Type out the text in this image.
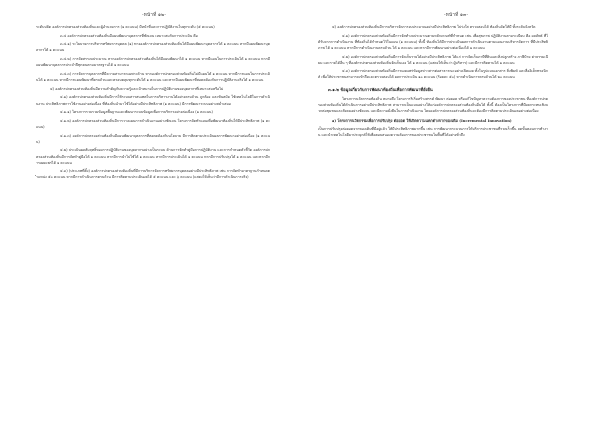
-หน้าที่ ๑๒-	-หน้าที่ ๑๓-

ระดับปลัด องค์การปกครองส่วนท้องถิ่นและผู้อำนวยการ (๑ คะแนน) มีหน้าที่และการปฏิบัติงานในทุกระดับ (๕ คะแนน)

๓.๔ องค์การปกครองส่วนท้องถิ่นมีแผนพัฒนาบุคลากรที่ชัดเจน เหมาะสมกับการประเมิน คือ

๓.๔.๑) ระโยบายการบริหารทรัพยากรบุคคล (๑) ทางองค์การปกครองส่วนท้องถิ่นได้มีแผนพัฒนาบุคลากรได้ ๑ คะแนน หากมีแผนพัฒนาบุคลากรได้ ๑ คะแนน

๓.๔.๒) การจัดสรรงบประมาณ หากองค์การปกครองส่วนท้องถิ่นได้มีแผนพัฒนาได้ ๑ คะแนน หากมีแผนในการประเมินได้ ๑ คะแนน หากมีแผนพัฒนาบุคลากรประจำปีทุกคนตามมาตรฐานได้ ๑ คะแนน

๓.๔.๓) การจัดการบุคลากรที่มีความสามารถเฉพาะด้าน หากองค์การปกครองส่วนท้องถิ่นไม่มีแผนได้ ๑ คะแนน หากมีการแผนในการประเมินได้ ๑ คะแนน หากมีการแผนพัฒนาที่ครบถ้วนและครอบคลุมทุกระดับได้ ๑ คะแนน และหากมีแผนพัฒนาที่สอดคล้องกับการปฏิบัติงานจริงได้ ๑ คะแนน

๔) องค์กรปกครองส่วนท้องถิ่นมีความสำคัญกับความรู้และเป้าหมายในการปฏิบัติงานของบุคลากรที่เหมาะสมหรือไม่

๔.๑) องค์กรปกครองส่วนท้องถิ่นมีการใช้ระบบสารสนเทศในการบริหารงานได้อย่างครบถ้วน ถูกต้อง และทันสมัย ใช้เทคโนโลยีในการดำเนินงาน ประสิทธิภาพการใช้งานอย่างต่อเนื่อง ที่ท้องถิ่นนำมาใช้ได้อย่างมีประสิทธิภาพ (๑ คะแนน) มีการพัฒนาระบบอย่างสม่ำเสมอ

๔.๑.๑) โครงการรวบรวมข้อมูลพื้นฐานและพัฒนาระบบข้อมูลเพื่อการบริหารอย่างต่อเนื่อง (๑ คะแนน)

๔.๑.๒) องค์การปกครองส่วนท้องถิ่นมีการวางแผนการดำเนินงานอย่างชัดเจน โครงการจัดทำแผนเพื่อพัฒนาท้องถิ่นให้มีประสิทธิภาพ (๑ คะแนน)

๔.๑.๓) องค์การปกครองส่วนท้องถิ่นมีแผนพัฒนาบุคลากรที่สอดคล้องกับนโยบาย มีการติดตามประเมินผลการพัฒนาอย่างต่อเนื่อง (๑ คะแนน)

๔.๒) ประเมินผลสัมฤทธิ์ของการปฏิบัติงานของบุคลากรอย่างเป็นระบบ ด้านการจัดทำคู่มือการปฏิบัติงาน และการกำหนดตัวชี้วัด องค์การปกครองส่วนท้องถิ่นมีการจัดทำคู่มือได้ ๑ คะแนน หากมีการนำไปใช้ได้ ๑ คะแนน หากมีการประเมินได้ ๑ คะแนน หากมีการปรับปรุงได้ ๑ คะแนน และหากมีการเผยแพร่ได้ ๑ คะแนน

๔.๓) (ประเภทที่ตั้ง) องค์การปกครองส่วนท้องถิ่นที่มีการบริหารจัดการทรัพยากรบุคคลอย่างมีประสิทธิภาพ เช่น การจัดทำมาตรฐานกำหนดตำแหน่ง ๕๐ คะแนน หากมีการดำเนินการครบถ้วน มีการติดตามประเมินผลได้ ๕ คะแนน และ ๖ คะแนน (แสดงให้เห็นว่ามีการดำเนินการจริง)

๔) องค์การปกครองส่วนท้องถิ่นมีการบริหารจัดการงบประมาณอย่างมีประสิทธิภาพ โปร่งใส ตรวจสอบได้ ท้องถิ่นจัดให้มี ทั้งระดับจังหวัด

๔.๑) องค์การปกครองส่วนท้องถิ่นมีการจัดทำงบประมาณตามหลักเกณฑ์ที่กำหนด เช่น เพื่อสุขภาพ ปฏิบัติงานตามระเบียบ คือ ผลลัพธ์ ที่ได้รับจากการดำเนินงาน ที่ท้องถิ่นได้กำหนดไว้ในแผน (๑ คะแนน) ทั้งนี้ ท้องถิ่นได้มีการประเมินผลการดำเนินงานตามแผนงานบริหารจัดการ ที่มีประสิทธิภาพ ได้ ๑ คะแนน หากมีการดำเนินงานครบถ้วน ได้ ๑ คะแนน และหากมีการพัฒนาอย่างต่อเนื่องได้ ๑ คะแนน

๔.๒) องค์การปกครองส่วนท้องถิ่นมีการจัดเก็บรายได้อย่างมีประสิทธิภาพ ได้แก่ การจัดเก็บภาษีที่ดินและสิ่งปลูกสร้าง ภาษีป้าย ค่าธรรมเนียม และรายได้อื่น ๆ ที่องค์กรปกครองส่วนท้องถิ่นจัดเก็บเอง ได้ ๑ คะแนน (แสดงให้เห็นว่า ผู้บริหาร) และมีการติดตามได้ ๑ คะแนน

๔.๓) องค์การปกครองส่วนท้องถิ่นมีการเผยแพร่ข้อมูลข่าวสารต่อสาธารณะอย่างเปิดเผย ทั้งในรูปแบบเอกสาร สิ่งพิมพ์ และสื่ออิเล็กทรอนิกส์ เพื่อให้ประชาชนสามารถเข้าถึงและตรวจสอบได้ ผลการประเมิน ๑๐ คะแนน (ร้อยละ ๕๐) หากดำเนินการครบถ้วนได้ ๒๐ คะแนน

๓.๑.๒ ข้อมูลเกี่ยวกับการพัฒนาท้องถิ่นเพื่อการพัฒนาที่ยั่งยืน

โครงการนวัตกรรมท้องถิ่น หมายถึง โครงการริเริ่มสร้างสรรค์ พัฒนา ต่อยอด หรือแก้ไขปัญหาความต้องการของประชาชน ที่องค์การปกครองส่วนท้องถิ่นได้ดำเนินการอย่างมีประสิทธิภาพ สามารถเป็นแบบอย่างให้แก่องค์การปกครองส่วนท้องถิ่นอื่นได้ ทั้งนี้ ต้องเป็นโครงการที่มีผลกระทบเชิงบวกต่อชุมชนและสังคมอย่างชัดเจน และมีความยั่งยืนในการดำเนินงาน โดยองค์การปกครองส่วนท้องถิ่นจะต้องมีการติดตามประเมินผลอย่างต่อเนื่อง

๑) โครงการนวัตกรรมเพื่อการปรับปรุง ต่อยอด ให้เกิดความแตกต่างจากของเดิม (Incremental Innovation)

เป็นการปรับปรุงต่อยอดจากของเดิมที่มีอยู่แล้ว ให้มีประสิทธิภาพมากขึ้น เช่น การพัฒนากระบวนการให้บริการประชาชนที่รวดเร็วขึ้น ลดขั้นตอนการทำงาน และนำเทคโนโลยีมาประยุกต์ใช้เพื่อตอบสนองความต้องการของประชาชนในพื้นที่ได้อย่างทั่วถึง
